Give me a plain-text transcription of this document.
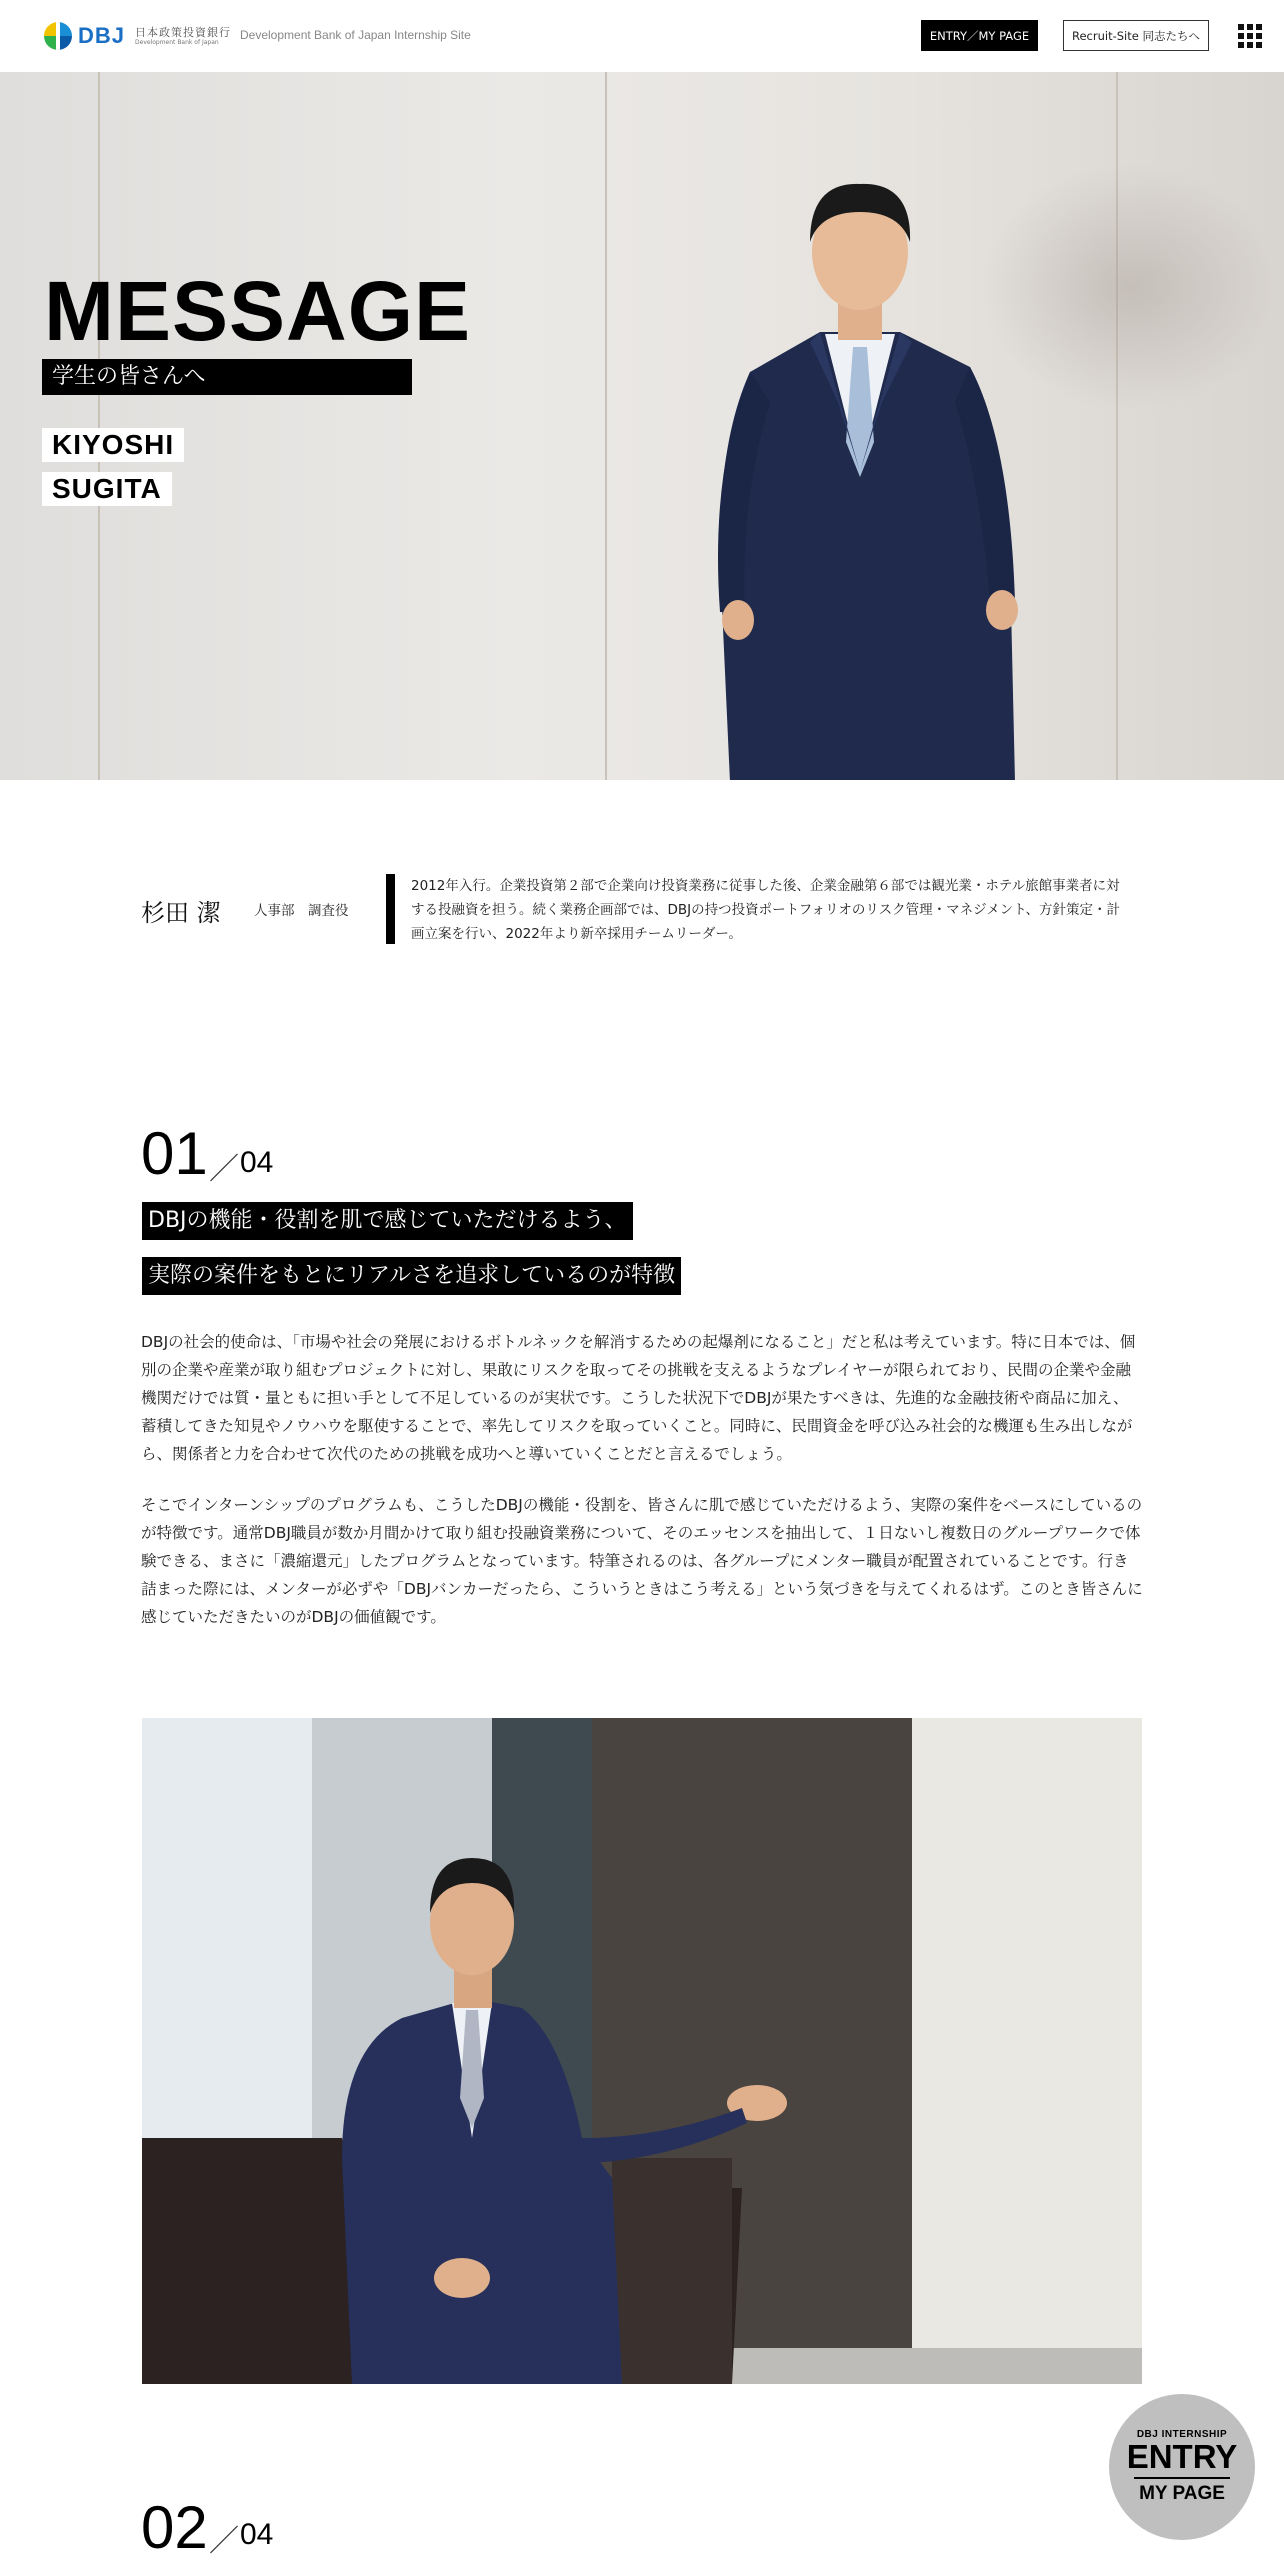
DBJ 日本政策投資銀行
Development Bank of Japan	Development Bank of Japan Internship Site	ENTRY／MY PAGE	Recruit-Site 同志たちへ
MESSAGE
学生の皆さんへ
KIYOSHI
SUGITA
杉田 潔 人事部　調査役
2012年入行。企業投資第２部で企業向け投資業務に従事した後、企業金融第６部では観光業・ホテル旅館事業者に対する投融資を担う。続く業務企画部では、DBJの持つ投資ポートフォリオのリスク管理・マネジメント、方針策定・計画立案を行い、2022年より新卒採用チームリーダー。
01 ／ 04
DBJの機能・役割を肌で感じていただけるよう、
実際の案件をもとにリアルさを追求しているのが特徴

DBJの社会的使命は、「市場や社会の発展におけるボトルネックを解消するための起爆剤になること」だと私は考えています。特に日本では、個別の企業や産業が取り組むプロジェクトに対し、果敢にリスクを取ってその挑戦を支えるようなプレイヤーが限られており、民間の企業や金融機関だけでは質・量ともに担い手として不足しているのが実状です。こうした状況下でDBJが果たすべきは、先進的な金融技術や商品に加え、蓄積してきた知見やノウハウを駆使することで、率先してリスクを取っていくこと。同時に、民間資金を呼び込み社会的な機運も生み出しながら、関係者と力を合わせて次代のための挑戦を成功へと導いていくことだと言えるでしょう。

そこでインターンシップのプログラムも、こうしたDBJの機能・役割を、皆さんに肌で感じていただけるよう、実際の案件をベースにしているのが特徴です。通常DBJ職員が数か月間かけて取り組む投融資業務について、そのエッセンスを抽出して、１日ないし複数日のグループワークで体験できる、まさに「濃縮還元」したプログラムとなっています。特筆されるのは、各グループにメンター職員が配置されていることです。行き詰まった際には、メンターが必ずや「DBJバンカーだったら、こういうときはこう考える」という気づきを与えてくれるはず。このとき皆さんに感じていただきたいのがDBJの価値観です。

02 ／ 04
DBJ INTERNSHIP
ENTRY
MY PAGE
